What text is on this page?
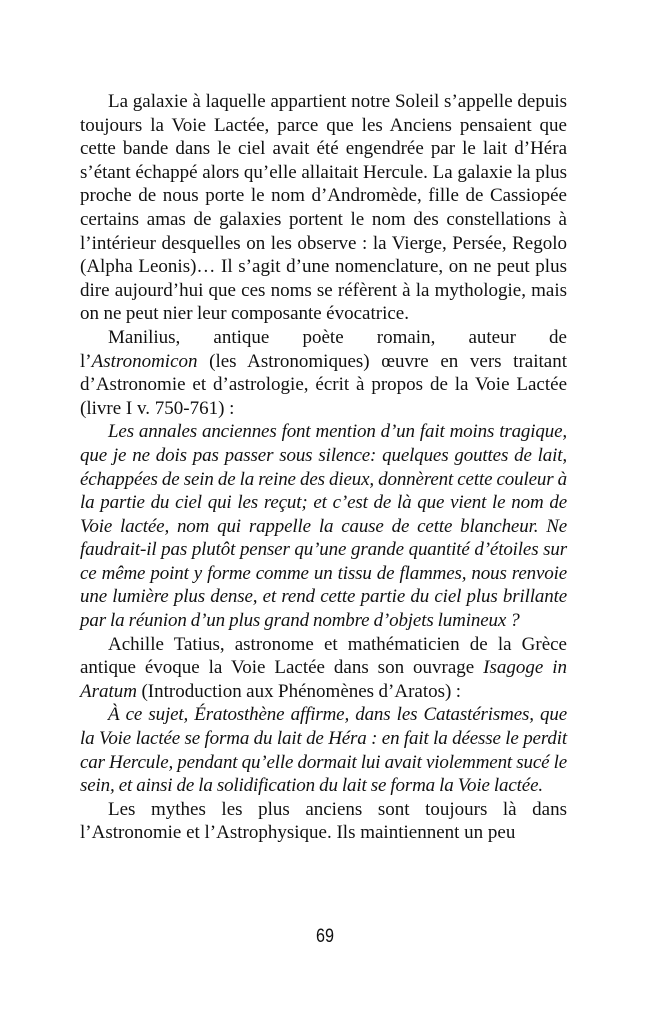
La galaxie à laquelle appartient notre Soleil s’appelle depuis toujours la Voie Lactée, parce que les Anciens pensaient que cette bande dans le ciel avait été engendrée par le lait d’Héra s’étant échappé alors qu’elle allaitait Hercule. La galaxie la plus proche de nous porte le nom d’Andromède, fille de Cassiopée certains amas de galaxies portent le nom des constellations à l’intérieur desquelles on les observe : la Vierge, Persée, Regolo (Alpha Leonis)… Il s’agit d’une nomenclature, on ne peut plus dire aujourd’hui que ces noms se réfèrent à la mythologie, mais on ne peut nier leur composante évocatrice.

Manilius, antique poète romain, auteur de
l’Astronomicon (les Astronomiques) œuvre en vers traitant d’Astronomie et d’astrologie, écrit à propos de la Voie Lactée (livre I v. 750-761) :

Les annales anciennes font mention d’un fait moins tragique, que je ne dois pas passer sous silence: quelques gouttes de lait, échappées de sein de la reine des dieux, donnèrent cette couleur à la partie du ciel qui les reçut; et c’est de là que vient le nom de Voie lactée, nom qui rappelle la cause de cette blancheur. Ne faudrait-il pas plutôt penser qu’une grande quantité d’étoiles sur ce même point y forme comme un tissu de flammes, nous renvoie une lumière plus dense, et rend cette partie du ciel plus brillante par la réunion d’un plus grand nombre d’objets lumineux ?

Achille Tatius, astronome et mathématicien de la Grèce antique évoque la Voie Lactée dans son ouvrage Isagoge in Aratum (Introduction aux Phénomènes d’Aratos) :

À ce sujet, Ératosthène affirme, dans les Catastérismes, que la Voie lactée se forma du lait de Héra : en fait la déesse le perdit car Hercule, pendant qu’elle dormait lui avait violemment sucé le sein, et ainsi de la solidification du lait se forma la Voie lactée.

Les mythes les plus anciens sont toujours là dans l’Astronomie et l’Astrophysique. Ils maintiennent un peu

69
